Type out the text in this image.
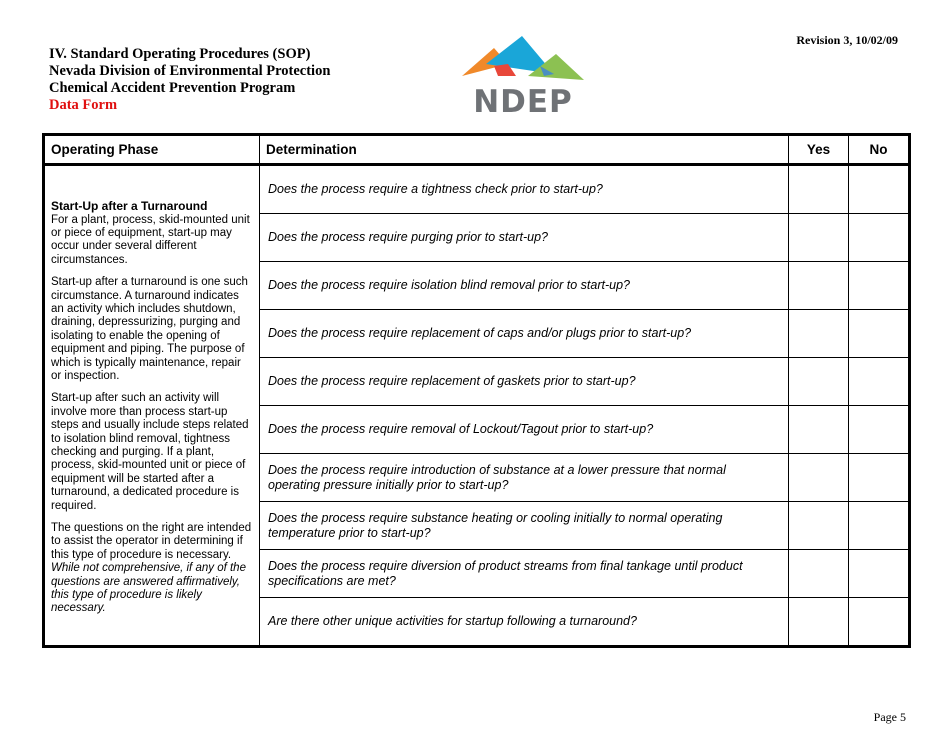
Revision 3, 10/02/09
IV. Standard Operating Procedures (SOP)
Nevada Division of Environmental Protection
Chemical Accident Prevention Program
Data Form	NDEP
Operating Phase	Determination	Yes	No

Start-Up after a Turnaround

For a plant, process, skid-mounted unit or piece of equipment, start-up may occur under several different circumstances.

Start-up after a turnaround is one such circumstance. A turnaround indicates an activity which includes shutdown, draining, depressurizing, purging and isolating to enable the opening of equipment and piping. The purpose of which is typically maintenance, repair or inspection.

Start-up after such an activity will involve more than process start-up steps and usually include steps related to isolation blind removal, tightness checking and purging. If a plant, process, skid-mounted unit or piece of equipment will be started after a turnaround, a dedicated procedure is required.

The questions on the right are intended to assist the operator in determining if this type of procedure is necessary. While not comprehensive, if any of the questions are answered affirmatively, this type of procedure is likely necessary.	Does the process require a tightness check prior to start-up?		
	Does the process require purging prior to start-up?		
	Does the process require isolation blind removal prior to start-up?		
	Does the process require replacement of caps and/or plugs prior to start-up?		
	Does the process require replacement of gaskets prior to start-up?		
	Does the process require removal of Lockout/Tagout prior to start-up?		
	Does the process require introduction of substance at a lower pressure that normal operating pressure initially prior to start-up?		
	Does the process require substance heating or cooling initially to normal operating temperature prior to start-up?		
	Does the process require diversion of product streams from final tankage until product specifications are met?		
	Are there other unique activities for startup following a turnaround?		
Page 5
